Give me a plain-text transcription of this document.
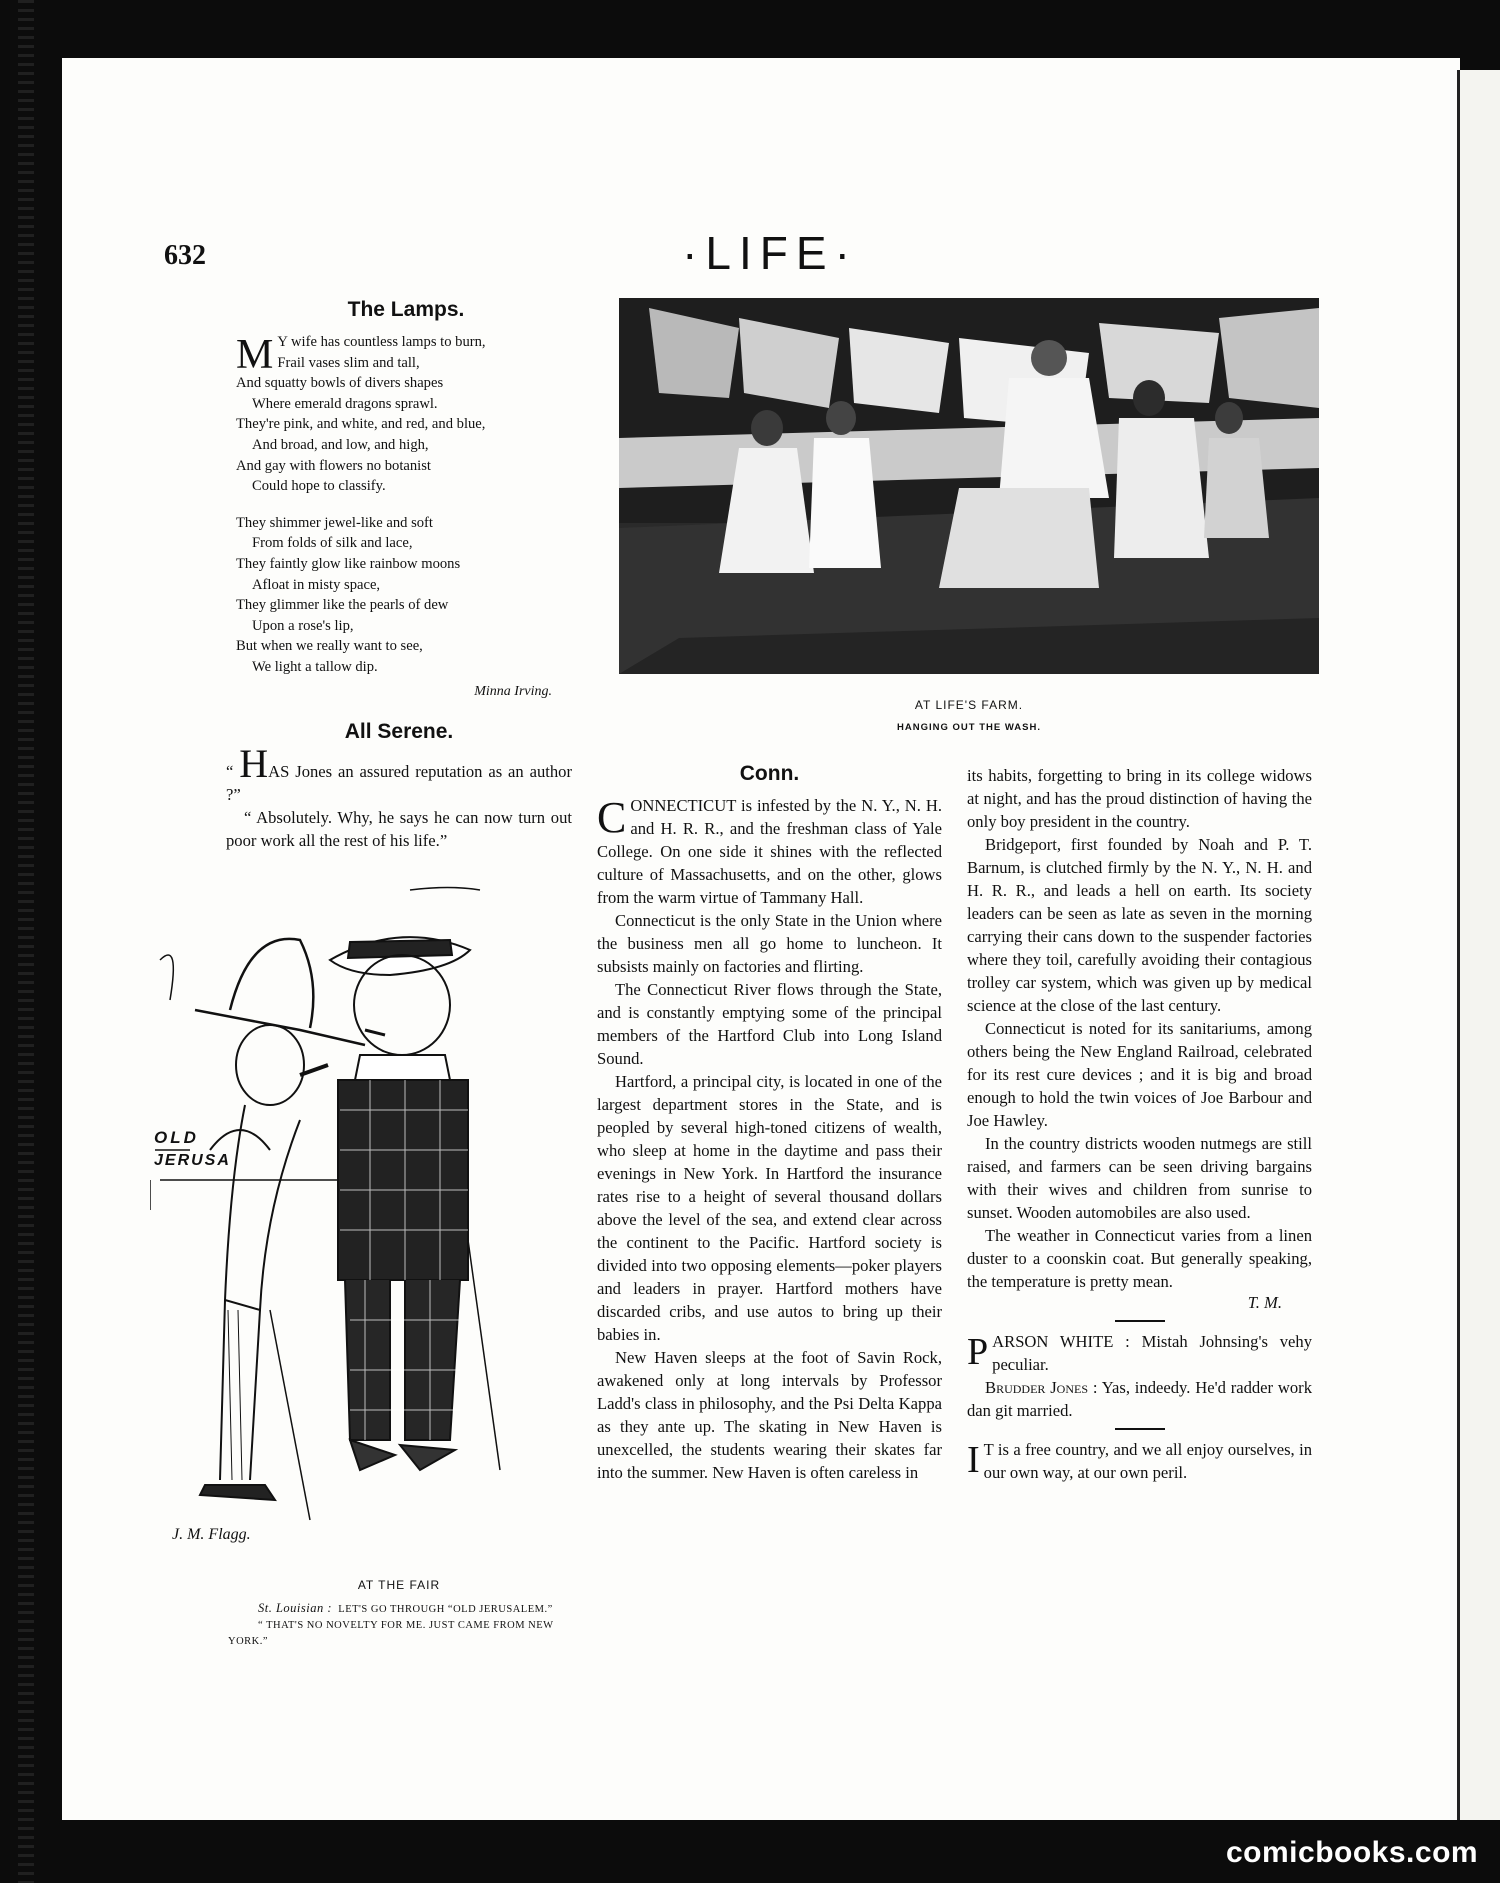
632	·LIFE·
The Lamps.
M Y wife has countless lamps to burn,
Frail vases slim and tall,
And squatty bowls of divers shapes
Where emerald dragons sprawl.
They're pink, and white, and red, and blue,
And broad, and low, and high,
And gay with flowers no botanist
Could hope to classify.
They shimmer jewel-like and soft
From folds of silk and lace,
They faintly glow like rainbow moons
Afloat in misty space,
They glimmer like the pearls of dew
Upon a rose's lip,
But when we really want to see,
We light a tallow dip.
Minna Irving.
AT LIFE'S FARM.
HANGING OUT THE WASH.
All Serene.

“ HAS Jones an assured reputation as an author ?”

“ Absolutely. Why, he says he can now turn out poor work all the rest of his life.”

OLD
JERUSA
J. M. Flagg.
AT THE FAIR
St. Louisian : LET'S GO THROUGH “OLD JERUSALEM.”
“ THAT'S NO NOVELTY FOR ME. JUST CAME FROM NEW YORK.”
Conn.

CONNECTICUT is infested by the N. Y., N. H. and H. R. R., and the freshman class of Yale College. On one side it shines with the reflected culture of Massachusetts, and on the other, glows from the warm virtue of Tammany Hall.

Connecticut is the only State in the Union where the business men all go home to luncheon. It subsists mainly on factories and flirting.

The Connecticut River flows through the State, and is constantly emptying some of the principal members of the Hartford Club into Long Island Sound.

Hartford, a principal city, is located in one of the largest department stores in the State, and is peopled by several high-toned citizens of wealth, who sleep at home in the daytime and pass their evenings in New York. In Hartford the insurance rates rise to a height of several thousand dollars above the level of the sea, and extend clear across the continent to the Pacific. Hartford society is divided into two opposing elements—poker players and leaders in prayer. Hartford mothers have discarded cribs, and use autos to bring up their babies in.

New Haven sleeps at the foot of Savin Rock, awakened only at long intervals by Professor Ladd's class in philosophy, and the Psi Delta Kappa as they ante up. The skating in New Haven is unexcelled, the students wearing their skates far into the summer. New Haven is often careless in

its habits, forgetting to bring in its college widows at night, and has the proud distinction of having the only boy president in the country.

Bridgeport, first founded by Noah and P. T. Barnum, is clutched firmly by the N. Y., N. H. and H. R. R., and leads a hell on earth. Its society leaders can be seen as late as seven in the morning carrying their cans down to the suspender factories where they toil, carefully avoiding their contagious trolley car system, which was given up by medical science at the close of the last century.

Connecticut is noted for its sanitariums, among others being the New England Railroad, celebrated for its rest cure devices ; and it is big and broad enough to hold the twin voices of Joe Barbour and Joe Hawley.

In the country districts wooden nutmegs are still raised, and farmers can be seen driving bargains with their wives and children from sunrise to sunset. Wooden automobiles are also used.

The weather in Connecticut varies from a linen duster to a coonskin coat. But generally speaking, the temperature is pretty mean.

T. M.

PARSON WHITE : Mistah Johnsing's vehy peculiar.

Brudder Jones : Yas, indeedy. He'd radder work dan git married.

I T is a free country, and we all enjoy ourselves, in our own way, at our own peril.

comicbooks.com
